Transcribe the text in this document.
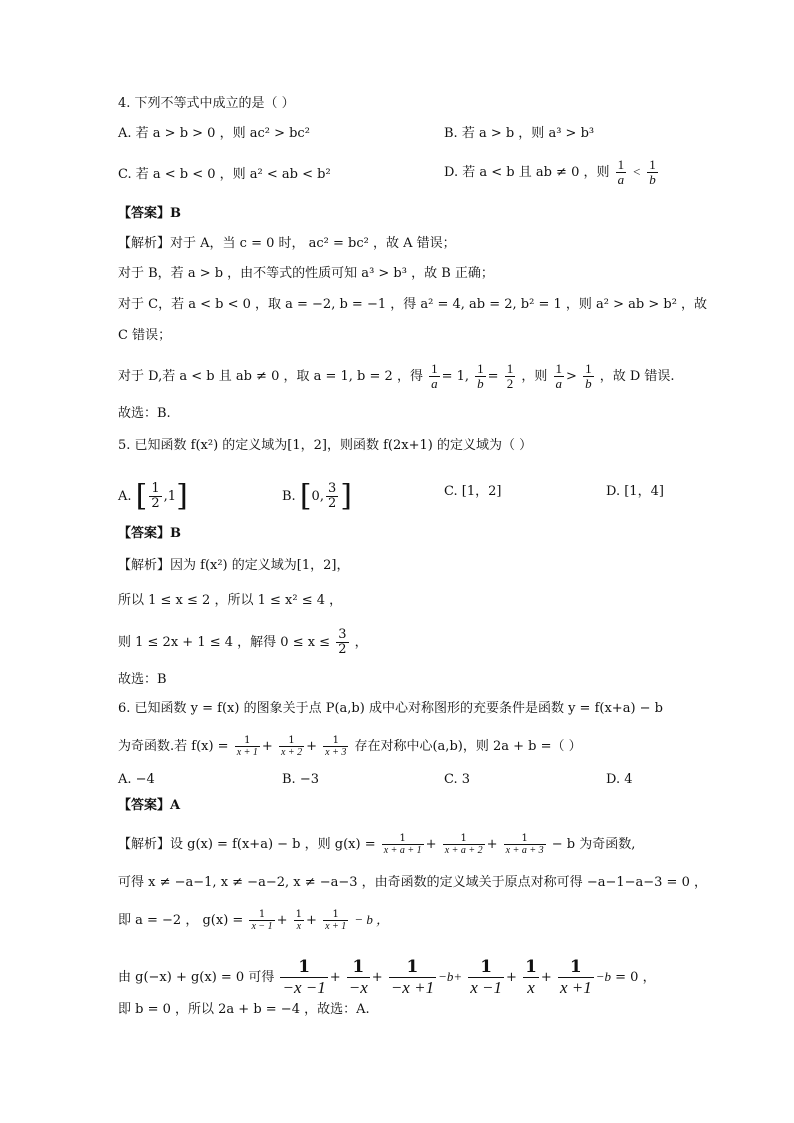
4. 下列不等式中成立的是（ ）
A. 若 a > b > 0 ，则 ac² > bc²	B. 若 a > b ，则 a³ > b³
C. 若 a < b < 0 ，则 a² < ab < b²	D. 若 a < b 且 ab ≠ 0 ，则 $\frac{1}{a} < \frac{1}{b}$
【答案】B
【解析】对于 A，当 c = 0 时， ac² = bc² ，故 A 错误；
对于 B，若 a > b ，由不等式的性质可知 a³ > b³ ，故 B 正确；
对于 C，若 a < b < 0 ，取 a = −2, b = −1 ，得 a² = 4, ab = 2, b² = 1 ，则 a² > ab > b² ，故
C 错误；
对于 D,若 a < b 且 ab ≠ 0 ，取 a = 1, b = 2 ，得 $\frac{1}{a} = 1$, $\frac{1}{b} = \frac{1}{2}$ ，则 $\frac{1}{a} > \frac{1}{b}$ ，故 D 错误.
故选：B.
5. 已知函数 f(x²) 的定义域为[1，2]，则函数 f(2x+1) 的定义域为（ ）
A. [ $\frac{1}{2} ,1$]	B. [0, $\frac{3}{2}$ ]	C. [1，2]	D. [1，4]
【答案】B
【解析】因为 f(x²) 的定义域为[1，2]，
所以 1 ≤ x ≤ 2 ，所以 1 ≤ x² ≤ 4 ，
则 1 ≤ 2x + 1 ≤ 4 ，解得 $0 \le x \le \frac{3}{2}$ ，
故选：B
6. 已知函数 y = f(x) 的图象关于点 P(a,b) 成中心对称图形的充要条件是函数 y = f(x+a) − b
为奇函数.若 $f(x) = \frac{1}{x + 1} + \frac{1}{x + 2} + \frac{1}{x + 3}$ 存在对称中心(a,b)，则 2a + b =（ ）
A. −4	B. −3	C. 3	D. 4
【答案】A
【解析】设 g(x) = f(x+a) − b ，则 $g(x) = \frac{1}{x + a + 1} + \frac{1}{x + a + 2} + \frac{1}{x + a + 3} - b$ 为奇函数,
可得 x ≠ −a−1, x ≠ −a−2, x ≠ −a−3 ，由奇函数的定义域关于原点对称可得 −a−1−a−3 = 0 ，
即 a = −2 ， $g(x) = \frac{1}{x - 1} + \frac{1}{x} + \frac{1}{x + 1} - b$ ，
由 g(−x) + g(x) = 0 可得 $\frac{1}{-x -1} + \frac{1}{-x} + \frac{1}{-x +1} -b+ \frac{1}{x -1} + \frac{1}{x} + \frac{1}{x +1} -b = 0$ ，
即 b = 0 ，所以 2a + b = −4 ，故选：A.
